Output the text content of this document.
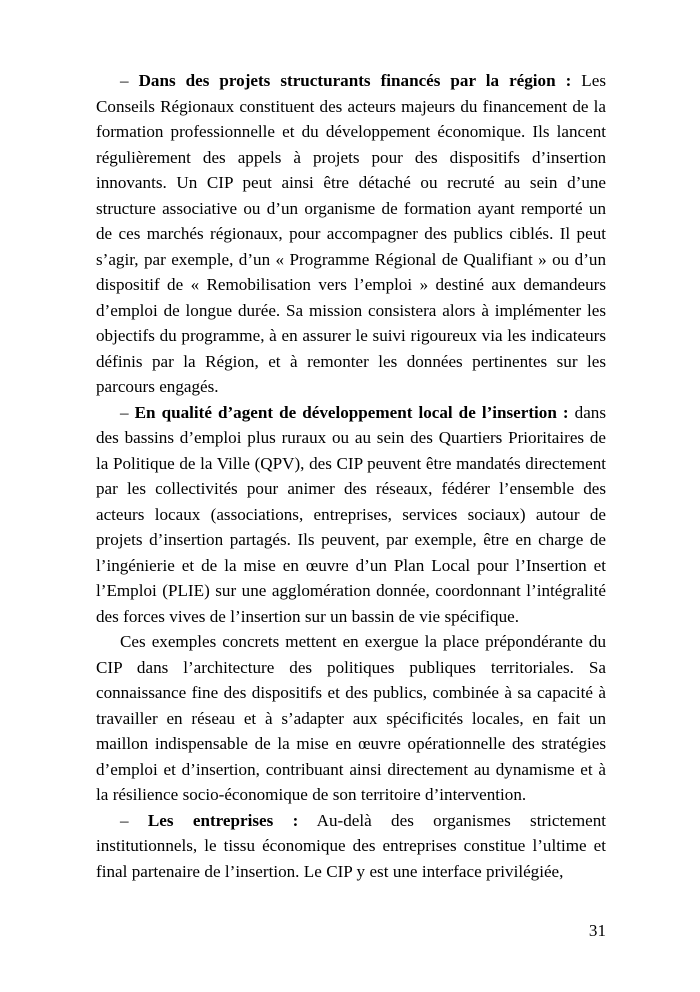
– Dans des projets structurants financés par la région : Les Conseils Régionaux constituent des acteurs majeurs du financement de la formation professionnelle et du développement économique. Ils lancent régulièrement des appels à projets pour des dispositifs d’insertion innovants. Un CIP peut ainsi être détaché ou recruté au sein d’une structure associative ou d’un organisme de formation ayant remporté un de ces marchés régionaux, pour accompagner des publics ciblés. Il peut s’agir, par exemple, d’un « Programme Régional de Qualifiant » ou d’un dispositif de « Remobilisation vers l’emploi » destiné aux demandeurs d’emploi de longue durée. Sa mission consistera alors à implémenter les objectifs du programme, à en assurer le suivi rigoureux via les indicateurs définis par la Région, et à remonter les données pertinentes sur les parcours engagés.

– En qualité d’agent de développement local de l’insertion : dans des bassins d’emploi plus ruraux ou au sein des Quartiers Prioritaires de la Politique de la Ville (QPV), des CIP peuvent être mandatés directement par les collectivités pour animer des réseaux, fédérer l’ensemble des acteurs locaux (associations, entreprises, services sociaux) autour de projets d’insertion partagés. Ils peuvent, par exemple, être en charge de l’ingénierie et de la mise en œuvre d’un Plan Local pour l’Insertion et l’Emploi (PLIE) sur une agglomération donnée, coordonnant l’intégralité des forces vives de l’insertion sur un bassin de vie spécifique.

Ces exemples concrets mettent en exergue la place prépondérante du CIP dans l’architecture des politiques publiques territoriales. Sa connaissance fine des dispositifs et des publics, combinée à sa capacité à travailler en réseau et à s’adapter aux spécificités locales, en fait un maillon indispensable de la mise en œuvre opérationnelle des stratégies d’emploi et d’insertion, contribuant ainsi directement au dynamisme et à la résilience socio-économique de son territoire d’intervention.

– Les entreprises : Au-delà des organismes strictement institutionnels, le tissu économique des entreprises constitue l’ultime et final partenaire de l’insertion. Le CIP y est une interface privilégiée,

31
